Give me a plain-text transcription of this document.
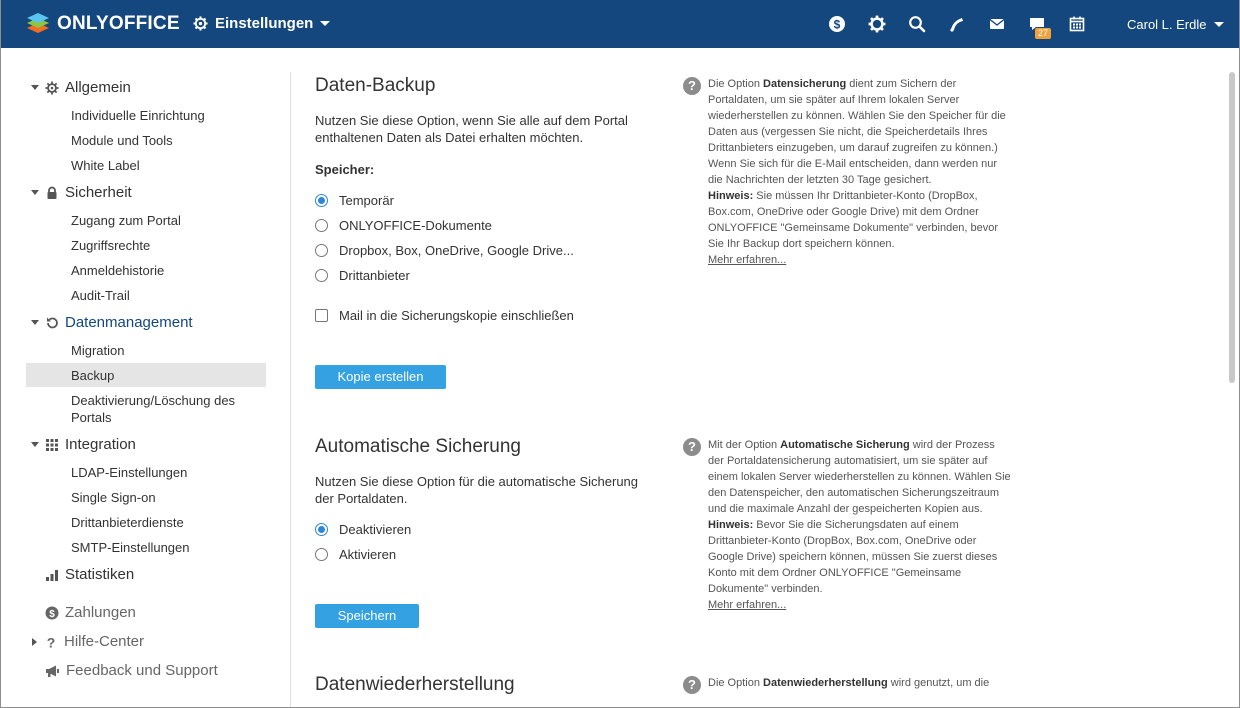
ONLYOFFICE Einstellungen	$
27
Carol L. Erdle
Allgemein
Individuelle Einrichtung
Module und Tools
White Label
Sicherheit
Zugang zum Portal
Zugriffsrechte
Anmeldehistorie
Audit-Trail
Datenmanagement
Migration
Backup
Deaktivierung/Löschung des Portals
Integration
LDAP-Einstellungen
Single Sign-on
Drittanbieterdienste
SMTP-Einstellungen
Statistiken
$ Zahlungen
? Hilfe-Center
Feedback und Support
Daten-Backup
Nutzen Sie diese Option, wenn Sie alle auf dem Portal enthaltenen Daten als Datei erhalten möchten.
Speicher:
Temporär
ONLYOFFICE-Dokumente
Dropbox, Box, OneDrive, Google Drive...
Drittanbieter
Mail in die Sicherungskopie einschließen
Kopie erstellen
?	Die Option Datensicherung dient zum Sichern der Portaldaten, um sie später auf Ihrem lokalen Server wiederherstellen zu können. Wählen Sie den Speicher für die Daten aus (vergessen Sie nicht, die Speicherdetails Ihres Drittanbieters einzugeben, um darauf zugreifen zu können.)
Wenn Sie sich für die E-Mail entscheiden, dann werden nur die Nachrichten der letzten 30 Tage gesichert.
Hinweis: Sie müssen Ihr Drittanbieter-Konto (DropBox, Box.com, OneDrive oder Google Drive) mit dem Ordner ONLYOFFICE "Gemeinsame Dokumente" verbinden, bevor Sie Ihr Backup dort speichern können.
Mehr erfahren...
Automatische Sicherung
Nutzen Sie diese Option für die automatische Sicherung der Portaldaten.
Deaktivieren
Aktivieren
Speichern
?	Mit der Option Automatische Sicherung wird der Prozess der Portaldatensicherung automatisiert, um sie später auf einem lokalen Server wiederherstellen zu können. Wählen Sie den Datenspeicher, den automatischen Sicherungszeitraum und die maximale Anzahl der gespeicherten Kopien aus. Hinweis: Bevor Sie die Sicherungsdaten auf einem Drittanbieter-Konto (DropBox, Box.com, OneDrive oder Google Drive) speichern können, müssen Sie zuerst dieses Konto mit dem Ordner ONLYOFFICE "Gemeinsame Dokumente" verbinden.
Mehr erfahren...
Datenwiederherstellung	?	Die Option Datenwiederherstellung wird genutzt, um die
